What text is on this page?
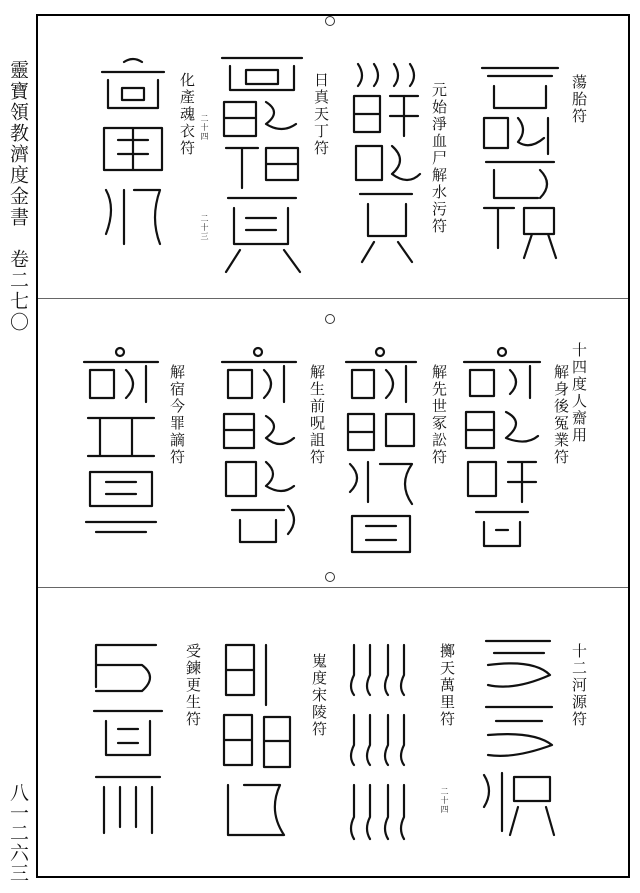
靈寶領教濟度金書　卷二七〇
八一二六三
蕩胎符
元始淨血尸解水污符
日真天丁符
二十三
化產魂衣符 二十四
十四度人齋用
解身後冤業符
解先世冢訟符
解生前呪詛符
解宿今罪謫符
十二河源符
擲天萬里符
二十四
嵬度宋陵符
受鍊更生符
